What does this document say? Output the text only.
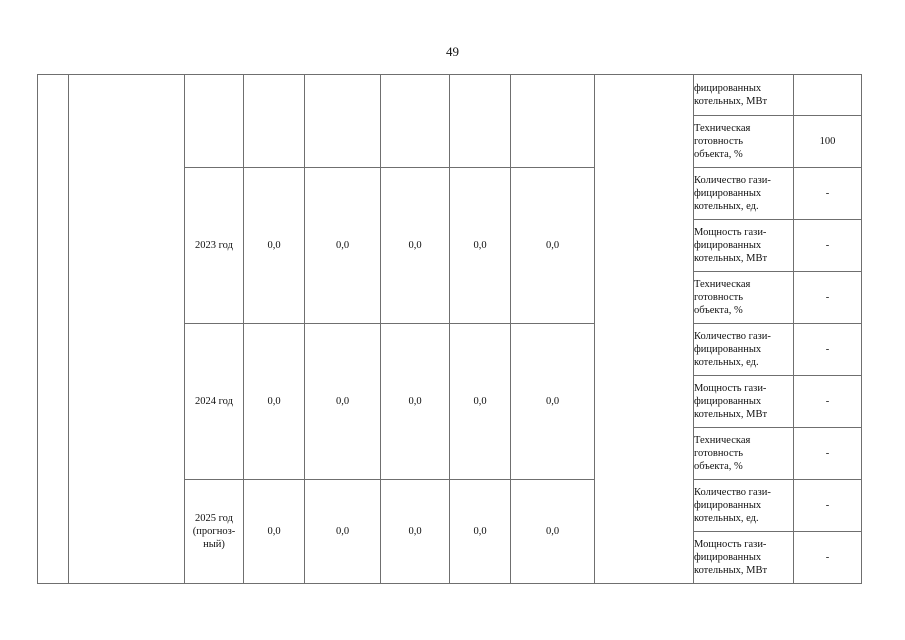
49

									фицированных
котельных, МВт	

									Техническая
готовность
объекта, %	100
		2023 год	0,0	0,0	0,0	0,0	0,0		Количество гази-
фицированных
котельных, ед.	-

									Мощность гази-
фицированных
котельных, МВт	-

									Техническая
готовность
объекта, %	-
		2024 год	0,0	0,0	0,0	0,0	0,0		Количество гази-
фицированных
котельных, ед.	-

									Мощность гази-
фицированных
котельных, МВт	-

									Техническая
готовность
объекта, %	-

		2025 год
(прогноз-
ный)	0,0	0,0	0,0	0,0	0,0		Количество гази-
фицированных
котельных, ед.	-

									Мощность гази-
фицированных
котельных, МВт	-
